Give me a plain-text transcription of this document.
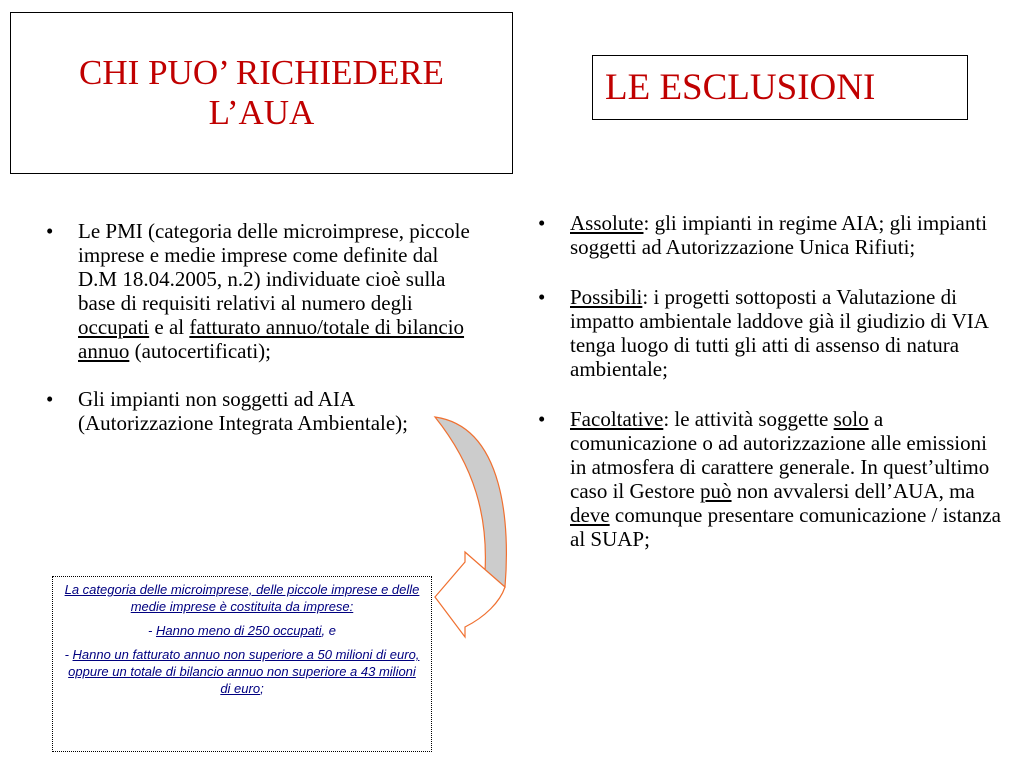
CHI PUO’ RICHIEDERE
L’AUA
LE ESCLUSIONI
• Le PMI (categoria delle microimprese, piccole imprese e medie imprese come definite dal D.M 18.04.2005, n.2) individuate cioè sulla base di requisiti relativi al numero degli occupati e al fatturato annuo/totale di bilancio annuo (autocertificati);
• Gli impianti non soggetti ad AIA (Autorizzazione Integrata Ambientale);
• Assolute: gli impianti in regime AIA; gli impianti soggetti ad Autorizzazione Unica Rifiuti;
• Possibili: i progetti sottoposti a Valutazione di impatto ambientale laddove già il giudizio di VIA tenga luogo di tutti gli atti di assenso di natura ambientale;
• Facoltative: le attività soggette solo a comunicazione o ad autorizzazione alle emissioni in atmosfera di carattere generale. In quest’ultimo caso il Gestore può non avvalersi dell’AUA, ma deve comunque presentare comunicazione / istanza al SUAP;

La categoria delle microimprese, delle piccole imprese e delle medie imprese è costituita da imprese:

- Hanno meno di 250 occupati, e

- Hanno un fatturato annuo non superiore a 50 milioni di euro, oppure un totale di bilancio annuo non superiore a 43 milioni di euro;
